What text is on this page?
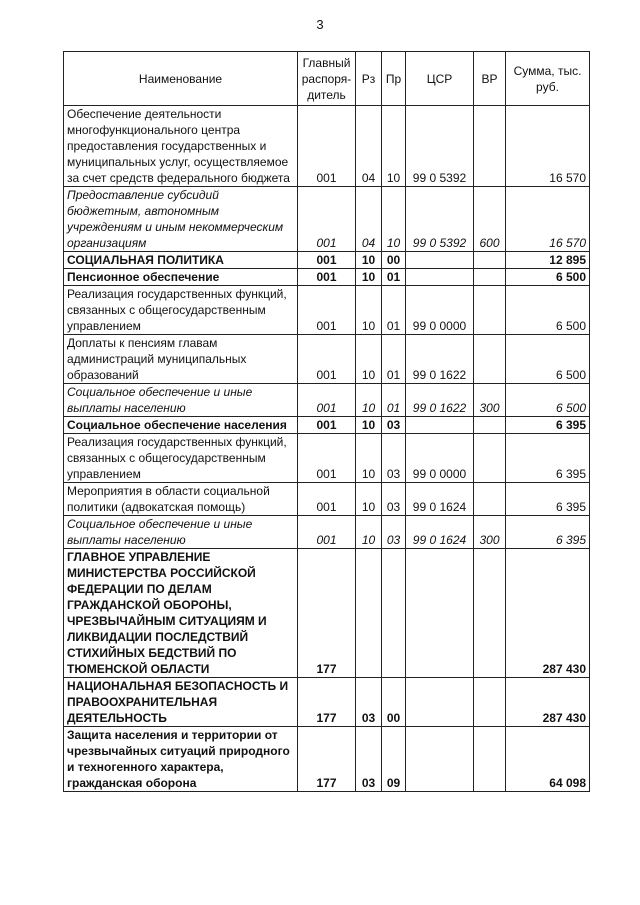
3
Наименование	Главный распоря-дитель	Рз	Пр	ЦСР	ВР	Сумма, тыс. руб.
Обеспечение деятельности многофункционального центра предоставления государственных и муниципальных услуг, осуществляемое за счет средств федерального бюджета	001	04	10	99 0 5392		16 570
Предоставление субсидий бюджетным, автономным учреждениям и иным некоммерческим организациям	001	04	10	99 0 5392	600	16 570
СОЦИАЛЬНАЯ ПОЛИТИКА	001	10	00			12 895
Пенсионное обеспечение	001	10	01			6 500
Реализация государственных функций, связанных с общегосударственным управлением	001	10	01	99 0 0000		6 500
Доплаты к пенсиям главам администраций муниципальных образований	001	10	01	99 0 1622		6 500
Социальное обеспечение и иные выплаты населению	001	10	01	99 0 1622	300	6 500
Социальное обеспечение населения	001	10	03			6 395
Реализация государственных функций, связанных с общегосударственным управлением	001	10	03	99 0 0000		6 395
Мероприятия в области социальной политики (адвокатская помощь)	001	10	03	99 0 1624		6 395
Социальное обеспечение и иные выплаты населению	001	10	03	99 0 1624	300	6 395
ГЛАВНОЕ УПРАВЛЕНИЕ МИНИСТЕРСТВА РОССИЙСКОЙ ФЕДЕРАЦИИ ПО ДЕЛАМ ГРАЖДАНСКОЙ ОБОРОНЫ, ЧРЕЗВЫЧАЙНЫМ СИТУАЦИЯМ И ЛИКВИДАЦИИ ПОСЛЕДСТВИЙ СТИХИЙНЫХ БЕДСТВИЙ ПО ТЮМЕНСКОЙ ОБЛАСТИ	177					287 430
НАЦИОНАЛЬНАЯ БЕЗОПАСНОСТЬ И ПРАВООХРАНИТЕЛЬНАЯ ДЕЯТЕЛЬНОСТЬ	177	03	00			287 430
Защита населения и территории от чрезвычайных ситуаций природного и техногенного характера, гражданская оборона	177	03	09			64 098
